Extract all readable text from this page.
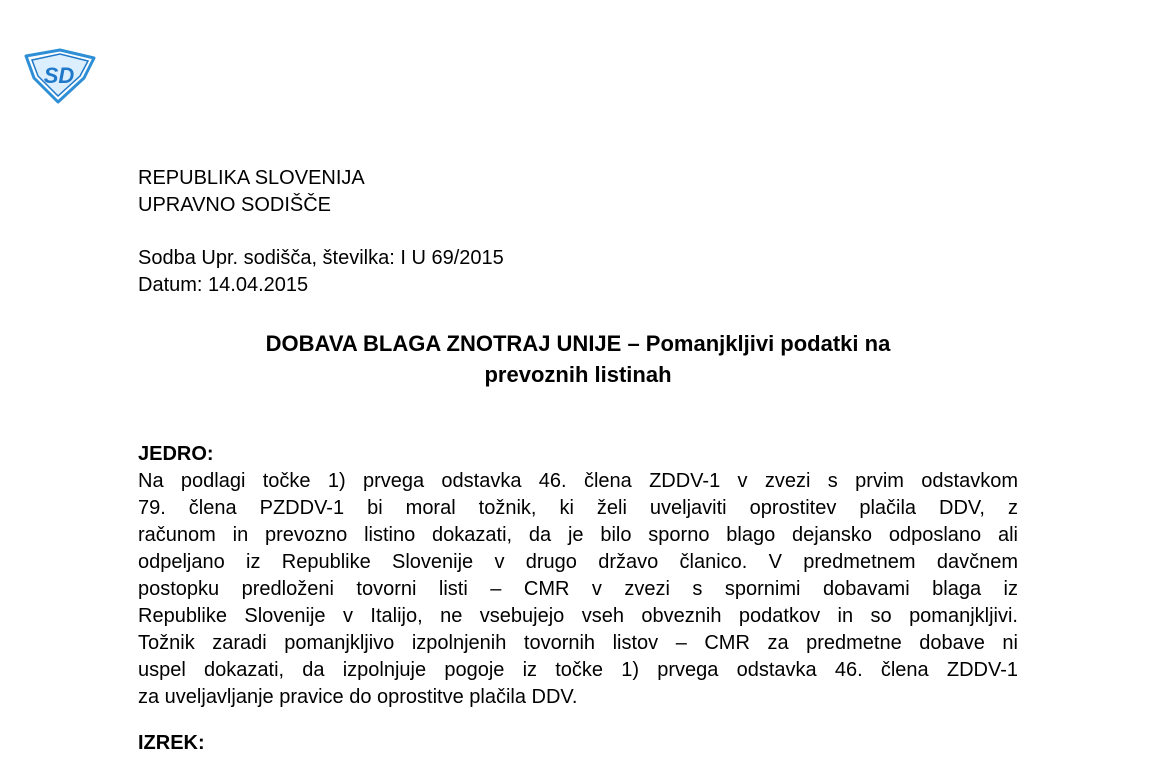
SD
REPUBLIKA SLOVENIJA
UPRAVNO SODIŠČE
Sodba Upr. sodišča, številka: I U 69/2015
Datum: 14.04.2015
DOBAVA BLAGA ZNOTRAJ UNIJE – Pomanjkljivi podatki na
prevoznih listinah
JEDRO:
Na podlagi točke 1) prvega odstavka 46. člena ZDDV-1 v zvezi s prvim odstavkom
79. člena PZDDV-1 bi moral tožnik, ki želi uveljaviti oprostitev plačila DDV, z
računom in prevozno listino dokazati, da je bilo sporno blago dejansko odposlano ali
odpeljano iz Republike Slovenije v drugo državo članico. V predmetnem davčnem
postopku predloženi tovorni listi – CMR v zvezi s spornimi dobavami blaga iz
Republike Slovenije v Italijo, ne vsebujejo vseh obveznih podatkov in so pomanjkljivi.
Tožnik zaradi pomanjkljivo izpolnjenih tovornih listov – CMR za predmetne dobave ni
uspel dokazati, da izpolnjuje pogoje iz točke 1) prvega odstavka 46. člena ZDDV-1
za uveljavljanje pravice do oprostitve plačila DDV.
IZREK:
